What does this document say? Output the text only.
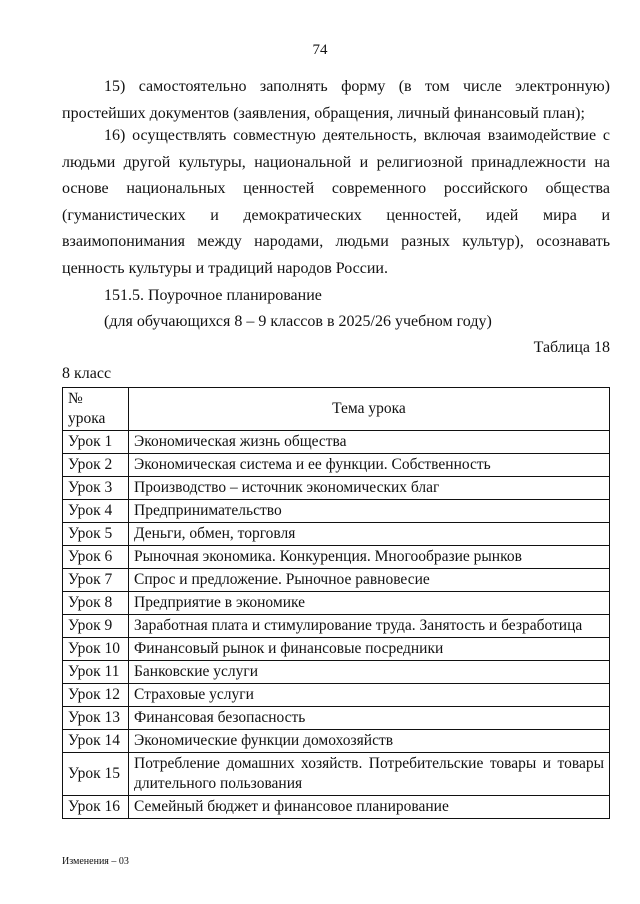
74

15) самостоятельно заполнять форму (в том числе электронную) простейших документов (заявления, обращения, личный финансовый план);

16) осуществлять совместную деятельность, включая взаимодействие с людьми другой культуры, национальной и религиозной принадлежности на основе национальных ценностей современного российского общества (гуманистических и демократических ценностей, идей мира и взаимопонимания между народами, людьми разных культур), осознавать ценность культуры и традиций народов России.

151.5. Поурочное планирование

(для обучающихся 8 – 9 классов в 2025/26 учебном году)

Таблица 18

8 класс

№ урока	Тема урока
Урок 1	Экономическая жизнь общества
Урок 2	Экономическая система и ее функции. Собственность
Урок 3	Производство – источник экономических благ
Урок 4	Предпринимательство
Урок 5	Деньги, обмен, торговля
Урок 6	Рыночная экономика. Конкуренция. Многообразие рынков
Урок 7	Спрос и предложение. Рыночное равновесие
Урок 8	Предприятие в экономике
Урок 9	Заработная плата и стимулирование труда. Занятость и безработица
Урок 10	Финансовый рынок и финансовые посредники
Урок 11	Банковские услуги
Урок 12	Страховые услуги
Урок 13	Финансовая безопасность
Урок 14	Экономические функции домохозяйств
Урок 15	Потребление домашних хозяйств. Потребительские товары и товары длительного пользования
Урок 16	Семейный бюджет и финансовое планирование
Изменения – 03
